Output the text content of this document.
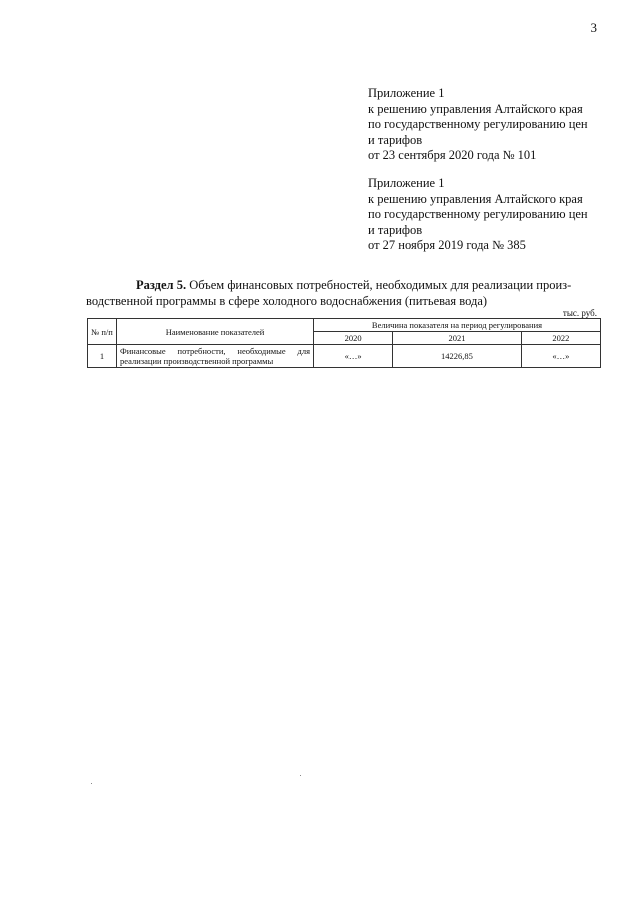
3
Приложение 1
к решению управления Алтайского края
по государственному регулированию цен
и тарифов
от 23 сентября 2020 года № 101
Приложение 1
к решению управления Алтайского края
по государственному регулированию цен
и тарифов
от 27 ноября 2019 года № 385
Раздел 5. Объем финансовых потребностей, необходимых для реализации произ-
водственной программы в сфере холодного водоснабжения (питьевая вода)
тыс. руб.
№ п/п	Наименование показателей	Величина показателя на период регулирования		
		2020	2021	2022
1	Финансовые потребности, необходимые для реализации производственной программы	«…»	14226,85	«…»
